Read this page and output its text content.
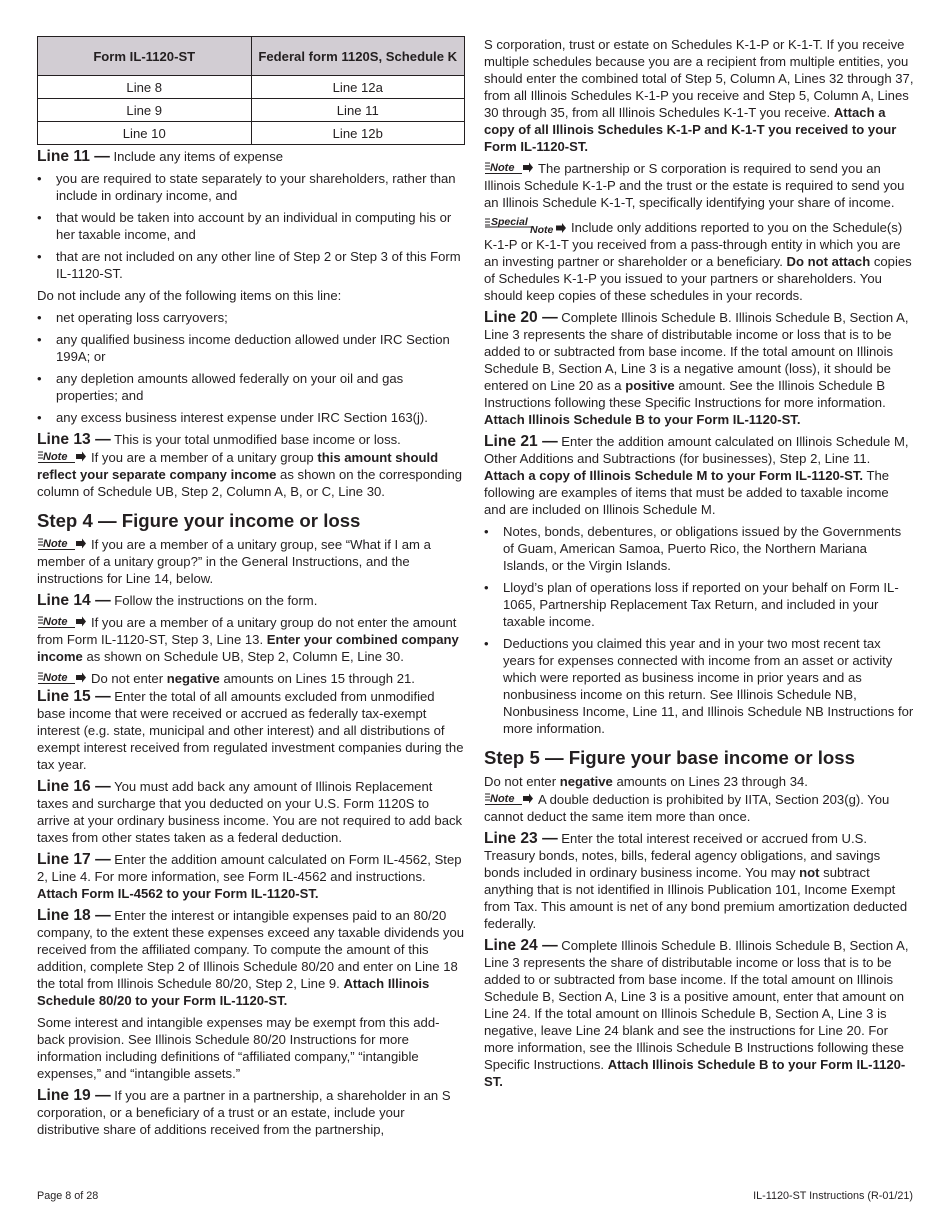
Form IL-1120-ST	Federal form 1120S, Schedule K
Line 8	Line 12a
Line 9	Line 11
Line 10	Line 12b

Line 11 — Include any items of expense

• you are required to state separately to your shareholders, rather than include in ordinary income, and
• that would be taken into account by an individual in computing his or her taxable income, and
• that are not included on any other line of Step 2 or Step 3 of this Form IL-1120-ST.

Do not include any of the following items on this line:

• net operating loss carryovers;
• any qualified business income deduction allowed under IRC Section 199A; or
• any depletion amounts allowed federally on your oil and gas properties; and
• any excess business interest expense under IRC Section 163(j).

Line 13 — This is your total unmodified base income or loss.

Note If you are a member of a unitary group this amount should reflect your separate company income as shown on the corresponding column of Schedule UB, Step 2, Column A, B, or C, Line 30.

Step 4 — Figure your income or loss

Note If you are a member of a unitary group, see “What if I am a member of a unitary group?” in the General Instructions, and the instructions for Line 14, below.

Line 14 — Follow the instructions on the form.

Note If you are a member of a unitary group do not enter the amount from Form IL-1120-ST, Step 3, Line 13. Enter your combined company income as shown on Schedule UB, Step 2, Column E, Line 30.

Note Do not enter negative amounts on Lines 15 through 21.

Line 15 — Enter the total of all amounts excluded from unmodified base income that were received or accrued as federally tax-exempt interest (e.g. state, municipal and other interest) and all distributions of exempt interest received from regulated investment companies during the tax year.

Line 16 — You must add back any amount of Illinois Replacement taxes and surcharge that you deducted on your U.S. Form 1120S to arrive at your ordinary business income. You are not required to add back taxes from other states taken as a federal deduction.

Line 17 — Enter the addition amount calculated on Form IL-4562, Step 2, Line 4. For more information, see Form IL-4562 and instructions. Attach Form IL-4562 to your Form IL-1120-ST.

Line 18 — Enter the interest or intangible expenses paid to an 80/20 company, to the extent these expenses exceed any taxable dividends you received from the affiliated company. To compute the amount of this addition, complete Step 2 of Illinois Schedule 80/20 and enter on Line 18 the total from Illinois Schedule 80/20, Step 2, Line 9. Attach Illinois Schedule 80/20 to your Form IL-1120-ST.

Some interest and intangible expenses may be exempt from this add-back provision. See Illinois Schedule 80/20 Instructions for more information including definitions of “affiliated company,” “intangible expenses,” and “intangible assets.”

Line 19 — If you are a partner in a partnership, a shareholder in an S corporation, or a beneficiary of a trust or an estate, include your distributive share of additions received from the partnership,

S corporation, trust or estate on Schedules K-1-P or K-1-T. If you receive multiple schedules because you are a recipient from multiple entities, you should enter the combined total of Step 5, Column A, Lines 32 through 37, from all Illinois Schedules K-1-P you receive and Step 5, Column A, Lines 30 through 35, from all Illinois Schedules K-1-T you receive. Attach a copy of all Illinois Schedules K-1-P and K-1-T you received to your Form IL-1120-ST.

Note The partnership or S corporation is required to send you an Illinois Schedule K-1-P and the trust or the estate is required to send you an Illinois Schedule K-1-T, specifically identifying your share of income.

Special
Note Include only additions reported to you on the Schedule(s) K-1-P or K-1-T you received from a pass-through entity in which you are an investing partner or shareholder or a beneficiary. Do not attach copies of Schedules K-1-P you issued to your partners or shareholders. You should keep copies of these schedules in your records.

Line 20 — Complete Illinois Schedule B. Illinois Schedule B, Section A, Line 3 represents the share of distributable income or loss that is to be added to or subtracted from base income. If the total amount on Illinois Schedule B, Section A, Line 3 is a negative amount (loss), it should be entered on Line 20 as a positive amount. See the Illinois Schedule B Instructions following these Specific Instructions for more information. Attach Illinois Schedule B to your Form IL-1120-ST.

Line 21 — Enter the addition amount calculated on Illinois Schedule M, Other Additions and Subtractions (for businesses), Step 2, Line 11. Attach a copy of Illinois Schedule M to your Form IL-1120-ST. The following are examples of items that must be added to taxable income and are included on Illinois Schedule M.

• Notes, bonds, debentures, or obligations issued by the Governments of Guam, American Samoa, Puerto Rico, the Northern Mariana Islands, or the Virgin Islands.
• Lloyd’s plan of operations loss if reported on your behalf on Form IL-1065, Partnership Replacement Tax Return, and included in your taxable income.
• Deductions you claimed this year and in your two most recent tax years for expenses connected with income from an asset or activity which were reported as business income in prior years and as nonbusiness income on this return. See Illinois Schedule NB, Nonbusiness Income, Line 11, and Illinois Schedule NB Instructions for more information.
Step 5 — Figure your base income or loss

Do not enter negative amounts on Lines 23 through 34.

Note A double deduction is prohibited by IITA, Section 203(g). You cannot deduct the same item more than once.

Line 23 — Enter the total interest received or accrued from U.S. Treasury bonds, notes, bills, federal agency obligations, and savings bonds included in ordinary business income. You may not subtract anything that is not identified in Illinois Publication 101, Income Exempt from Tax. This amount is net of any bond premium amortization deducted federally.

Line 24 — Complete Illinois Schedule B. Illinois Schedule B, Section A, Line 3 represents the share of distributable income or loss that is to be added to or subtracted from base income. If the total amount on Illinois Schedule B, Section A, Line 3 is a positive amount, enter that amount on Line 24. If the total amount on Illinois Schedule B, Section A, Line 3 is negative, leave Line 24 blank and see the instructions for Line 20. For more information, see the Illinois Schedule B Instructions following these Specific Instructions. Attach Illinois Schedule B to your Form IL-1120-ST.

Page 8 of 28	IL-1120-ST Instructions (R-01/21)
